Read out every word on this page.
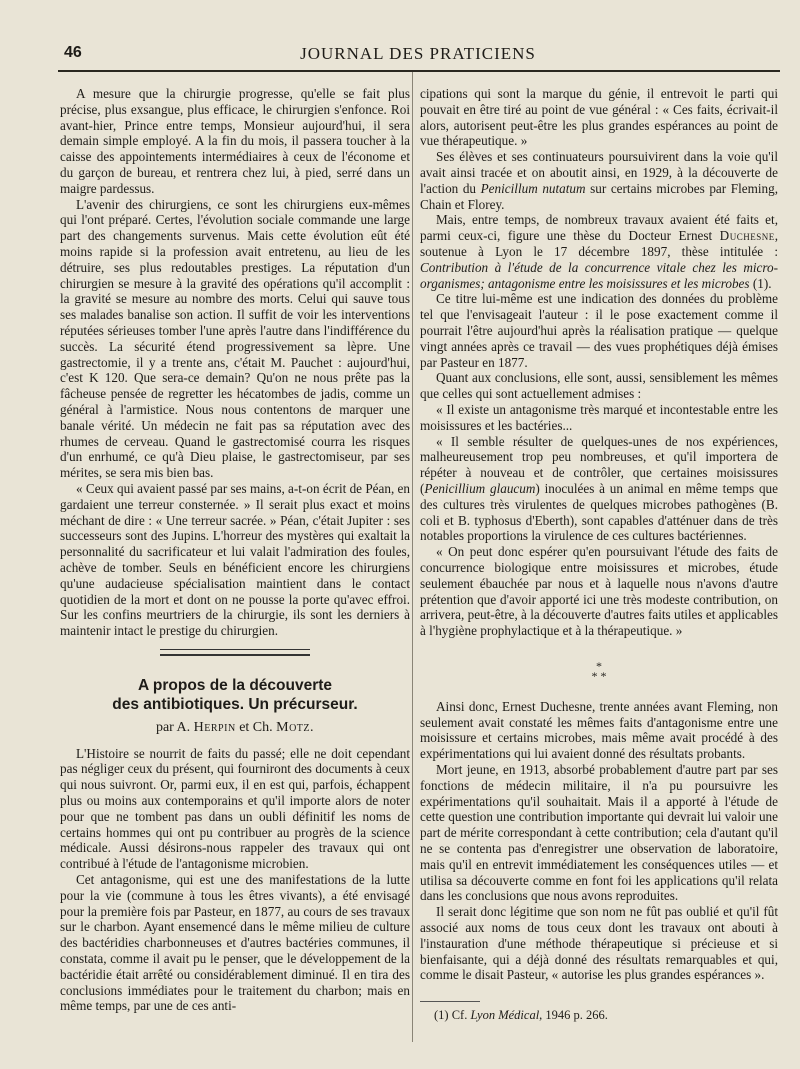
46	JOURNAL DES PRATICIENS

A mesure que la chirurgie progresse, qu'elle se fait plus précise, plus exsangue, plus efficace, le chirurgien s'enfonce. Roi avant-hier, Prince entre temps, Monsieur aujourd'hui, il sera demain simple employé. A la fin du mois, il passera toucher à la caisse des appointements intermédiaires à ceux de l'économe et du garçon de bureau, et rentrera chez lui, à pied, serré dans un maigre pardessus.

L'avenir des chirurgiens, ce sont les chirurgiens eux-mêmes qui l'ont préparé. Certes, l'évolution sociale commande une large part des changements survenus. Mais cette évolution eût été moins rapide si la profession avait entretenu, au lieu de les détruire, ses plus redoutables prestiges. La réputation d'un chirurgien se mesure à la gravité des opérations qu'il accomplit : la gravité se mesure au nombre des morts. Celui qui sauve tous ses malades banalise son action. Il suffit de voir les interventions réputées sérieuses tomber l'une après l'autre dans l'indifférence du succès. La sécurité étend progressivement sa lèpre. Une gastrectomie, il y a trente ans, c'était M. Pauchet : aujourd'hui, c'est K 120. Que sera-ce demain? Qu'on ne nous prête pas la fâcheuse pensée de regretter les hécatombes de jadis, comme un général à l'armistice. Nous nous contentons de marquer une banale vérité. Un médecin ne fait pas sa réputation avec des rhumes de cerveau. Quand le gastrectomisé courra les risques d'un enrhumé, ce qu'à Dieu plaise, le gastrectomiseur, par ses mérites, se sera mis bien bas.

« Ceux qui avaient passé par ses mains, a-t-on écrit de Péan, en gardaient une terreur consternée. » Il serait plus exact et moins méchant de dire : « Une terreur sacrée. » Péan, c'était Jupiter : ses successeurs sont des Jupins. L'horreur des mystères qui exaltait la personnalité du sacrificateur et lui valait l'admiration des foules, achève de tomber. Seuls en bénéficient encore les chirurgiens qu'une audacieuse spécialisation maintient dans le contact quotidien de la mort et dont on ne pousse la porte qu'avec effroi. Sur les confins meurtriers de la chirurgie, ils sont les derniers à maintenir intact le prestige du chirurgien.

A propos de la découverte
des antibiotiques. Un précurseur.
par A. Herpin et Ch. Motz.

L'Histoire se nourrit de faits du passé; elle ne doit cependant pas négliger ceux du présent, qui fourniront des documents à ceux qui nous suivront. Or, parmi eux, il en est qui, parfois, échappent plus ou moins aux contemporains et qu'il importe alors de noter pour que ne tombent pas dans un oubli définitif les noms de certains hommes qui ont pu contribuer au progrès de la science médicale. Aussi désirons-nous rappeler des travaux qui ont contribué à l'étude de l'antagonisme microbien.

Cet antagonisme, qui est une des manifestations de la lutte pour la vie (commune à tous les êtres vivants), a été envisagé pour la première fois par Pasteur, en 1877, au cours de ses travaux sur le charbon. Ayant ensemencé dans le même milieu de culture des bactéridies charbonneuses et d'autres bactéries communes, il constata, comme il avait pu le penser, que le développement de la bactéridie était arrêté ou considérablement diminué. Il en tira des conclusions immédiates pour le traitement du charbon; mais en même temps, par une de ces anti-

cipations qui sont la marque du génie, il entrevoit le parti qui pouvait en être tiré au point de vue général : « Ces faits, écrivait-il alors, autorisent peut-être les plus grandes espérances au point de vue thérapeutique. »

Ses élèves et ses continuateurs poursuivirent dans la voie qu'il avait ainsi tracée et on aboutit ainsi, en 1929, à la découverte de l'action du Penicillum nutatum sur certains microbes par Fleming, Chain et Florey.

Mais, entre temps, de nombreux travaux avaient été faits et, parmi ceux-ci, figure une thèse du Docteur Ernest Duchesne, soutenue à Lyon le 17 décembre 1897, thèse intitulée : Contribution à l'étude de la concurrence vitale chez les micro-organismes; antagonisme entre les moisissures et les microbes (1).

Ce titre lui-même est une indication des données du problème tel que l'envisageait l'auteur : il le pose exactement comme il pourrait l'être aujourd'hui après la réalisation pratique — quelque vingt années après ce travail — des vues prophétiques déjà émises par Pasteur en 1877.

Quant aux conclusions, elle sont, aussi, sensiblement les mêmes que celles qui sont actuellement admises :

« Il existe un antagonisme très marqué et incontestable entre les moisissures et les bactéries...

« Il semble résulter de quelques-unes de nos expériences, malheureusement trop peu nombreuses, et qu'il importera de répéter à nouveau et de contrôler, que certaines moisissures (Penicillium glaucum) inoculées à un animal en même temps que des cultures très virulentes de quelques microbes pathogènes (B. coli et B. typhosus d'Eberth), sont capables d'atténuer dans de très notables proportions la virulence de ces cultures bactériennes.

« On peut donc espérer qu'en poursuivant l'étude des faits de concurrence biologique entre moisissures et microbes, étude seulement ébauchée par nous et à laquelle nous n'avons d'autre prétention que d'avoir apporté ici une très modeste contribution, on arrivera, peut-être, à la découverte d'autres faits utiles et applicables à l'hygiène prophylactique et à la thérapeutique. »

*
* *

Ainsi donc, Ernest Duchesne, trente années avant Fleming, non seulement avait constaté les mêmes faits d'antagonisme entre une moisissure et certains microbes, mais même avait procédé à des expérimentations qui lui avaient donné des résultats probants.

Mort jeune, en 1913, absorbé probablement d'autre part par ses fonctions de médecin militaire, il n'a pu poursuivre les expérimentations qu'il souhaitait. Mais il a apporté à l'étude de cette question une contribution importante qui devrait lui valoir une part de mérite correspondant à cette contribution; cela d'autant qu'il ne se contenta pas d'enregistrer une observation de laboratoire, mais qu'il en entrevit immédiatement les conséquences utiles — et utilisa sa découverte comme en font foi les applications qu'il relata dans les conclusions que nous avons reproduites.

Il serait donc légitime que son nom ne fût pas oublié et qu'il fût associé aux noms de tous ceux dont les travaux ont abouti à l'instauration d'une méthode thérapeutique si précieuse et si bienfaisante, qui a déjà donné des résultats remarquables et qui, comme le disait Pasteur, « autorise les plus grandes espérances ».

(1) Cf. Lyon Médical, 1946 p. 266.
